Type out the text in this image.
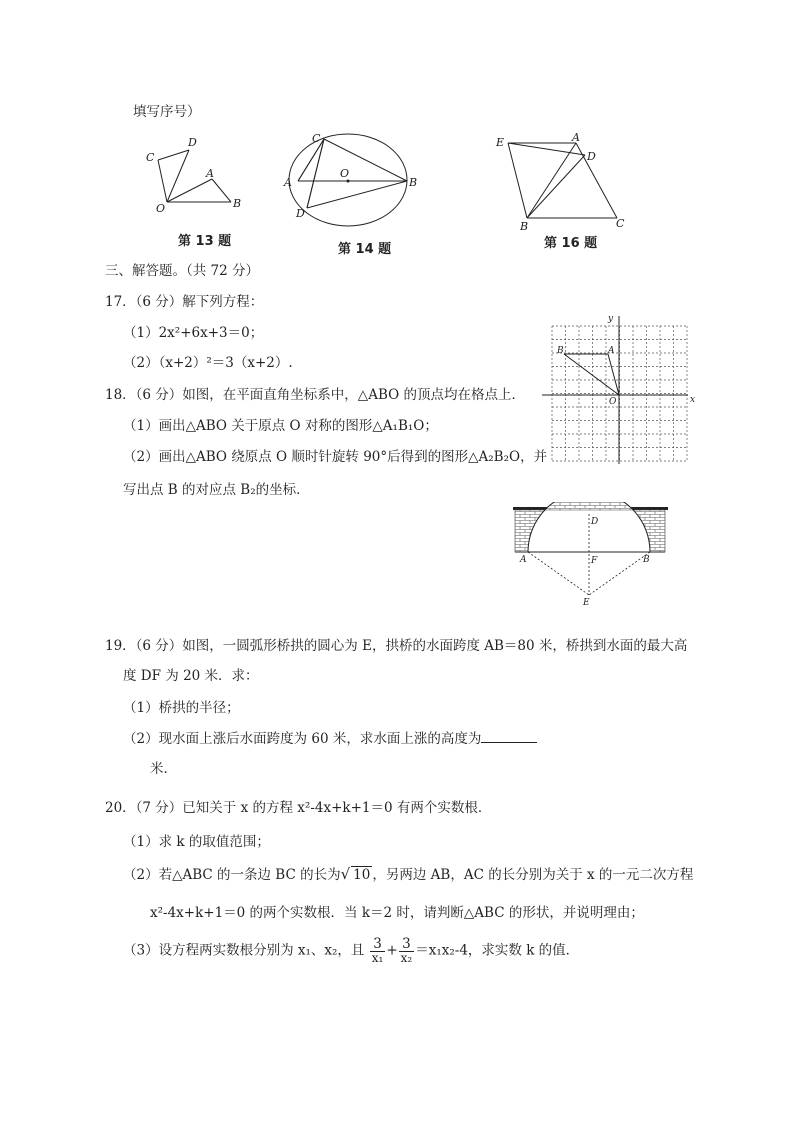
填写序号）
D
C
A
O	B
第 13 题
C
O
A	B
D
第 14 题
E	A
D
B	C
第 16 题
三、解答题。（共 72 分）
17．（6 分）解下列方程：
（1）2x²+6x+3＝0；
（2）（x+2）²＝3（x+2）.
18．（6 分）如图，在平面直角坐标系中，△ABO 的顶点均在格点上．
（1）画出△ABO 关于原点 O 对称的图形△A₁B₁O；
（2）画出△ABO 绕原点 O 顺时针旋转 90°后得到的图形△A₂B₂O，并
写出点 B 的对应点 B₂的坐标．
y
B	A
O	x
D
A	F	B
E
19．（6 分）如图，一圆弧形桥拱的圆心为 E，拱桥的水面跨度 AB＝80 米，桥拱到水面的最大高
度 DF 为 20 米．求：
（1）桥拱的半径；
（2）现水面上涨后水面跨度为 60 米，求水面上涨的高度为
米．
20．（7 分）已知关于 x 的方程 x²-4x+k+1＝0 有两个实数根．
（1）求 k 的取值范围；
（2）若△ABC 的一条边 BC 的长为√ 10 ，另两边 AB，AC 的长分别为关于 x 的一元二次方程
x²-4x+k+1＝0 的两个实数根．当 k＝2 时，请判断△ABC 的形状，并说明理由；
（3）设方程两实数根分别为 x₁、x₂，且 $\frac{3}{\text{x₁}} + \frac{3}{\text{x₂}} =x_1x_2-4$，求实数 k 的值．
